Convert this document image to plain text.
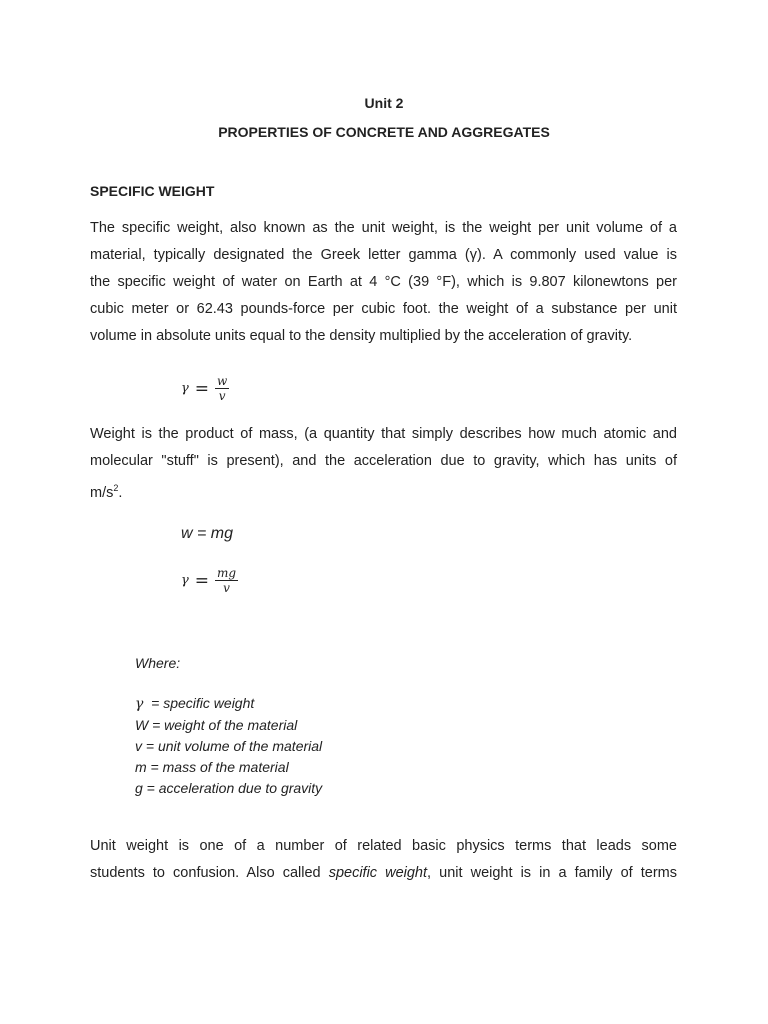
Unit 2
PROPERTIES OF CONCRETE AND AGGREGATES
SPECIFIC WEIGHT
The specific weight, also known as the unit weight, is the weight per unit volume of a
material, typically designated the Greek letter gamma (γ). A commonly used value is
the specific weight of water on Earth at 4 °C (39 °F), which is 9.807 kilonewtons per
cubic meter or 62.43 pounds-force per cubic foot. the weight of a substance per unit
volume in absolute units equal to the density multiplied by the acceleration of gravity.
$\gamma = \frac{w}{v}$
Weight is the product of mass, (a quantity that simply describes how much atomic and
molecular "stuff" is present), and the acceleration due to gravity, which has units of
$m/s^2$.
w = mg
$\gamma = \frac{mg}{v}$
Where:
γ  = specific weight
W = weight of the material
v = unit volume of the material
m = mass of the material
g = acceleration due to gravity
Unit weight is one of a number of related basic physics terms that leads some
students to confusion. Also called specific weight, unit weight is in a family of terms
